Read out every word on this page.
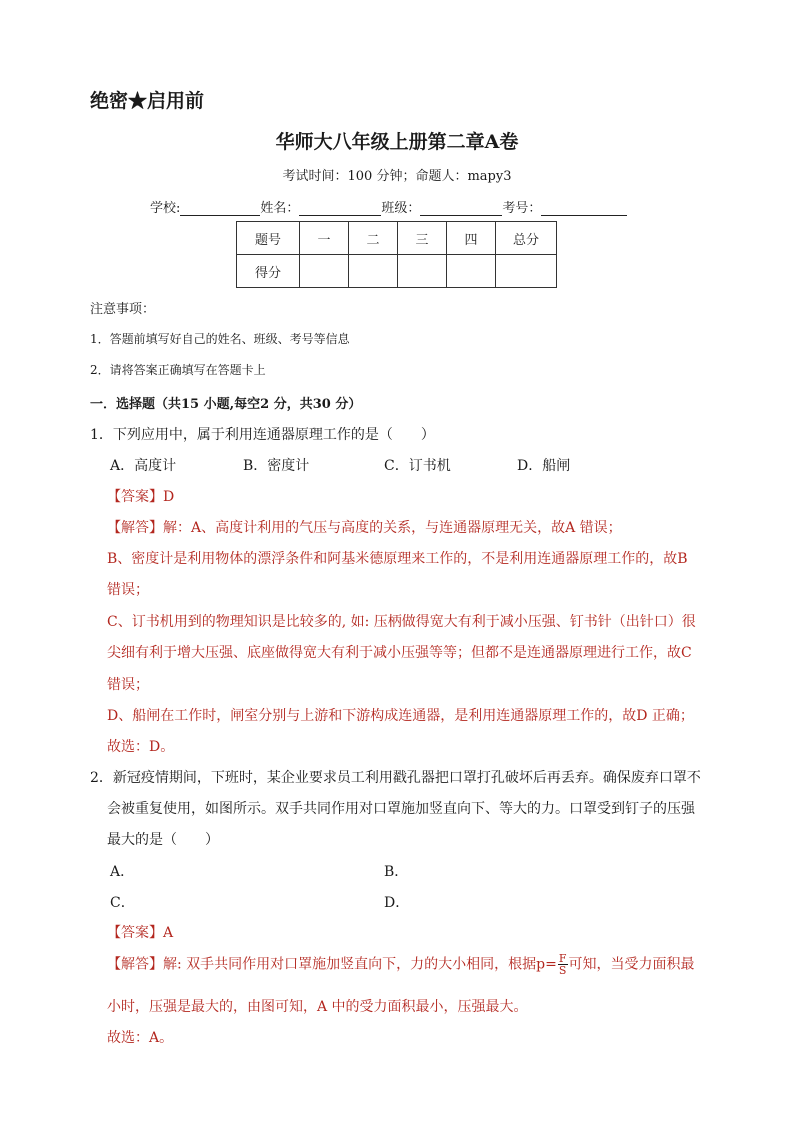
绝密★启用前
华师大八年级上册第二章A卷
考试时间：100 分钟；命题人：mapy3
学校:	姓名：	班级：	考号：
题号	一	二	三	四	总分
得分					
注意事项：
1．答题前填写好自己的姓名、班级、考号等信息
2．请将答案正确填写在答题卡上
一．选择题（共15 小题,每空2 分，共30 分）
1．下列应用中，属于利用连通器原理工作的是（　　）
A．高度计	B．密度计	C．订书机	D．船闸
【答案】D
【解答】解：A、高度计利用的气压与高度的关系，与连通器原理无关，故A 错误；
B、密度计是利用物体的漂浮条件和阿基米德原理来工作的，不是利用连通器原理工作的，故B
错误；
C、订书机用到的物理知识是比较多的, 如: 压柄做得宽大有利于减小压强、钉书针（出针口）很
尖细有利于增大压强、底座做得宽大有利于减小压强等等；但都不是连通器原理进行工作，故C
错误；
D、船闸在工作时，闸室分别与上游和下游构成连通器，是利用连通器原理工作的，故D 正确；
故选：D。
2．新冠疫情期间，下班时，某企业要求员工利用戳孔器把口罩打孔破坏后再丢弃。确保废弃口罩不
会被重复使用，如图所示。双手共同作用对口罩施加竖直向下、等大的力。口罩受到钉子的压强
最大的是（　　）
A．	B．
C．	D．
【答案】A
【解答】解: 双手共同作用对口罩施加竖直向下，力的大小相同，根据$p= \frac{F}{S}$ 可知，当受力面积最
小时，压强是最大的，由图可知，A 中的受力面积最小，压强最大。
故选：A。
